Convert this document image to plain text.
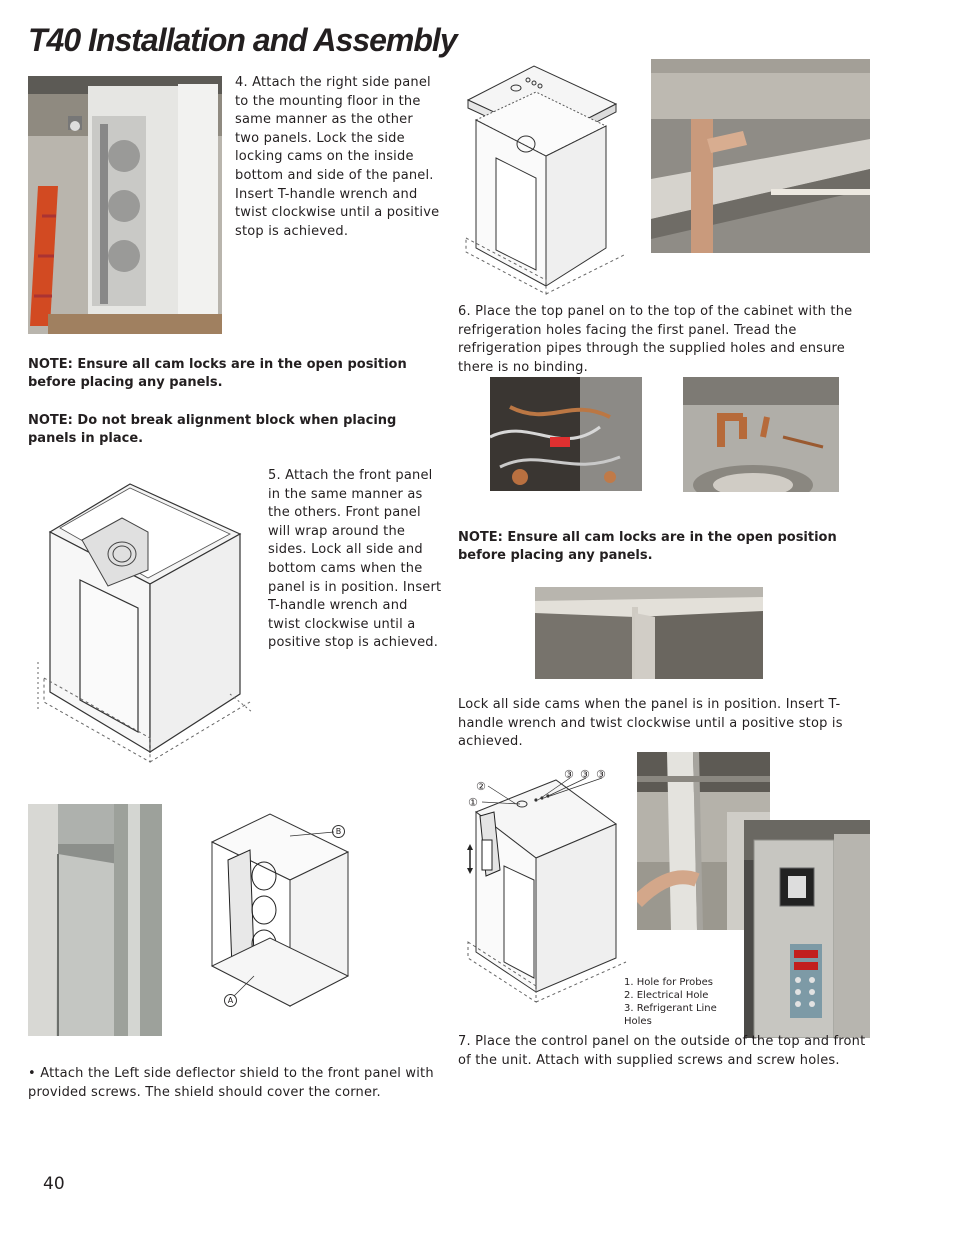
T40 Installation and Assembly
4. Attach the right side panel to the mounting floor in the same manner as the other two panels. Lock the side locking cams on the inside bottom and side of the panel. Insert T-handle wrench and twist clockwise until a positive stop is achieved.
NOTE: Ensure all cam locks are in the open position before placing any panels.
NOTE: Do not break alignment block when placing panels in place.
5. Attach the front panel in the same manner as the others. Front panel will wrap around the sides. Lock all side and bottom cams when the panel is in position. Insert T-handle wrench and twist clockwise until a positive stop is achieved.
B
A
• Attach the Left side deflector shield to the front panel with provided screws. The shield should cover the corner.
6. Place the top panel on to the top of the cabinet with the refrigeration holes facing the first panel. Tread the refrigeration pipes through the supplied holes and ensure there is no binding.
NOTE: Ensure all cam locks are in the open position before placing any panels.
Lock all side cams when the panel is in position. Insert T-handle wrench and twist clockwise until a positive stop is achieved.
①
②
③ ③ ③
1. Hole for Probes
2. Electrical Hole
3. Refrigerant Line Holes
7. Place the control panel on the outside of the top and front of the unit. Attach with supplied screws and screw holes.
40
